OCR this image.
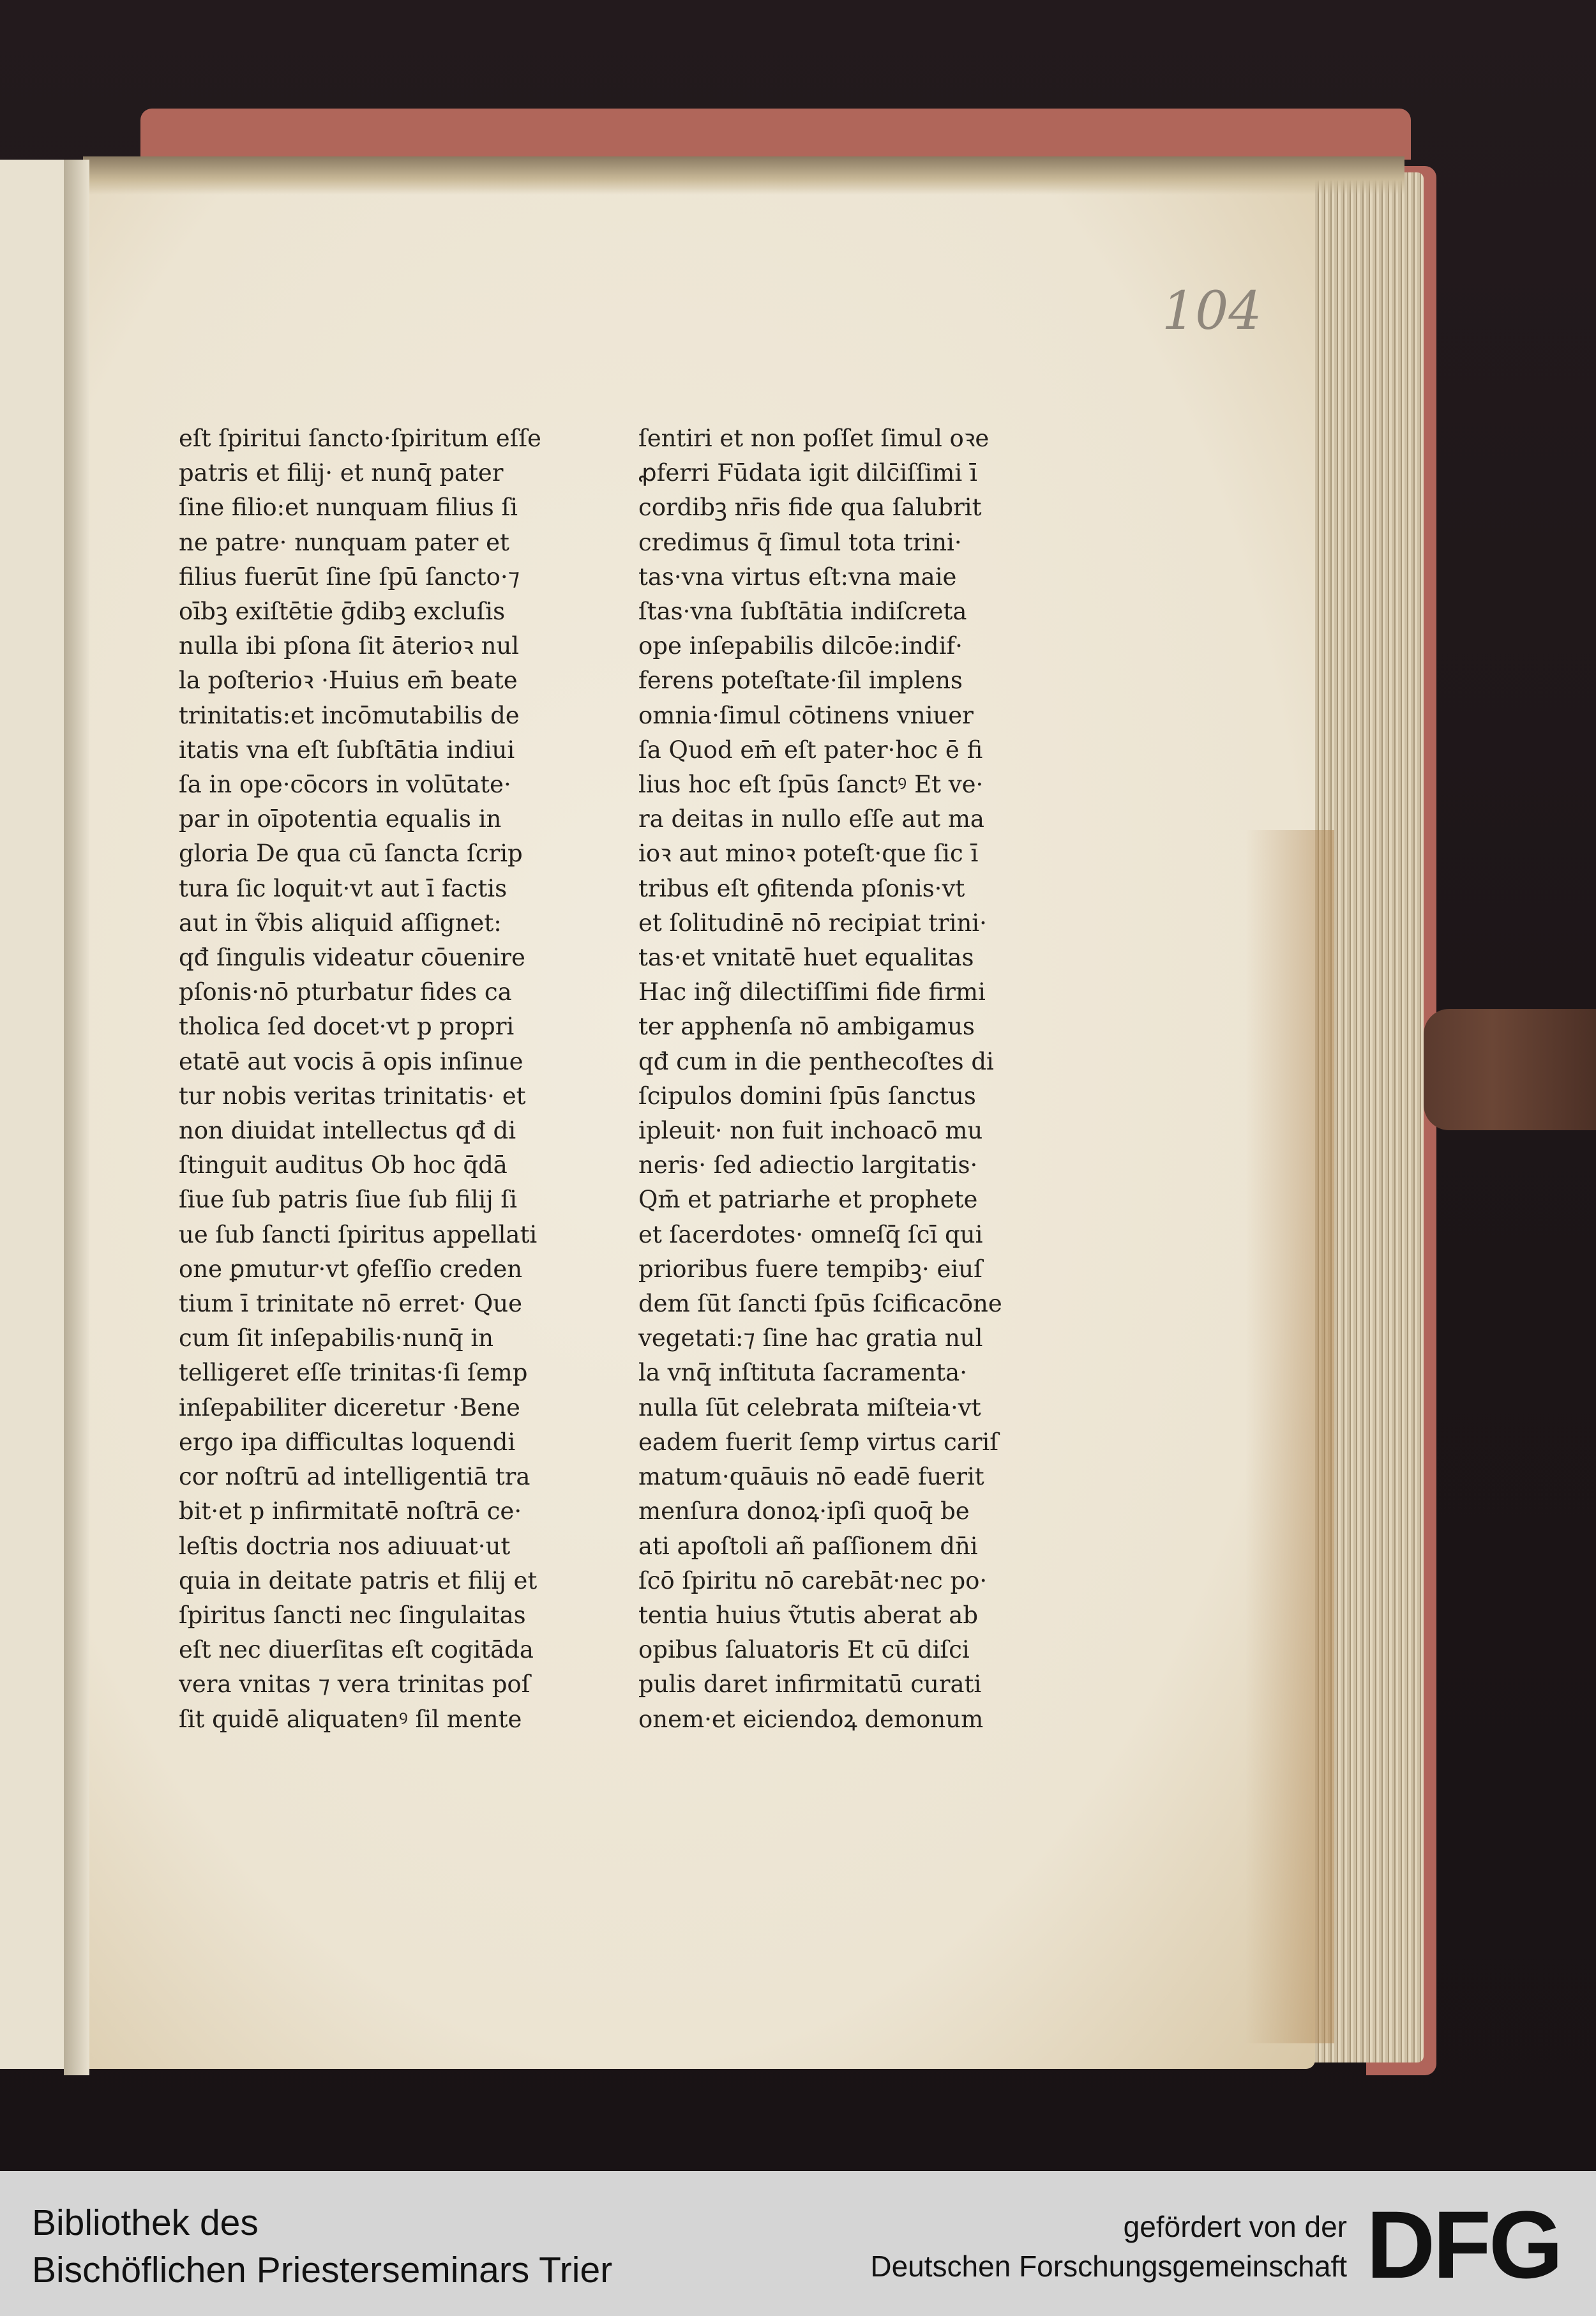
104
eſt ſpiritui ſancto·ſpiritum eſſe
patris et filij· et nunq̄ pater
ſine filio:et nunquam filius ſi
ne patre· nunquam pater et
filius fuerūt ſine ſpū ſancto·⁊
oībꝫ exiſtētie ḡdibꝫ excluſis
nulla ibi pſona ſit āterioꝛ nul
la poſterioꝛ ·Huius em̄ beate
trinitatis:et incōmutabilis de
itatis vna eſt ſubſtātia indiui
ſa in ope·cōcors in volūtate·
par in oīpotentia equalis in
gloria De qua cū ſancta ſcrip
tura ſic loquit·vt aut ī factis
aut in ṽbis aliquid aſſignet:
qđ ſingulis videatur cōuenire
pſonis·nō pturbatur fides ca
tholica ſed docet·vt p propri
etatē aut vocis ā opis inſinue
tur nobis veritas trinitatis· et
non diuidat intellectus qđ di
ſtinguit auditus Ob hoc q̄dā
ſiue ſub patris ſiue ſub filij ſi
ue ſub ſancti ſpiritus appellati
one ꝑmutur·vt ꝯfeſſio creden
tium ī trinitate nō erret· Que
cum ſit inſepabilis·nunq̄ in
telligeret eſſe trinitas·ſi ſemp
inſepabiliter diceretur ·Bene
ergo ipa difficultas loquendi
cor noſtrū ad intelligentiā tra
bit·et p infirmitatē noſtrā ce·
leſtis doctria nos adiuuat·ut
quia in deitate patris et filij et
ſpiritus ſancti nec ſingulaitas
eſt nec diuerſitas eſt cogitāda
vera vnitas ⁊ vera trinitas poſ
ſit quidē aliquatenꝰ ſil mente
ſentiri et non poſſet ſimul oꝛe
ꝓferri Fūdata igit dilc̄iſſimi ī
cordibꝫ nr̄is fide qua ſalubrit
credimus q̄ ſimul tota trini·
tas·vna virtus eſt:vna maie
ſtas·vna ſubſtātia indiſcreta
ope inſepabilis dilcōe:indif·
ferens poteſtate·ſil implens
omnia·ſimul cōtinens vniuer
ſa Quod em̄ eſt pater·hoc ē fi
lius hoc eſt ſpūs ſanctꝰ Et ve·
ra deitas in nullo eſſe aut ma
ioꝛ aut minoꝛ poteſt·que ſic ī
tribus eſt ꝯfitenda pſonis·vt
et ſolitudinē nō recipiat trini·
tas·et vnitatē huet equalitas
Hac ing̃ dilectiſſimi fide firmi
ter apphenſa nō ambigamus
qđ cum in die penthecoſtes di
ſcipulos domini ſpūs ſanctus
ipleuit· non fuit inchoacō mu
neris· ſed adiectio largitatis·
Qm̄ et patriarhe et prophete
et ſacerdotes· omneſq̄ ſcī qui
prioribus fuere tempibꝫ· eiuſ
dem ſūt ſancti ſpūs ſcificacōne
vegetati:⁊ ſine hac gratia nul
la vnq̄ inſtituta ſacramenta·
nulla ſūt celebrata miſteia·vt
eadem fuerit ſemp virtus cariſ
matum·quāuis nō eadē fuerit
menſura donoꝝ·ipſi quoq̄ be
ati apoſtoli añ paſſionem dn̄i
ſcō ſpiritu nō carebāt·nec po·
tentia huius ṽtutis aberat ab
opibus ſaluatoris Et cū diſci
pulis daret infirmitatū curati
onem·et eiciendoꝝ demonum
Bibliothek des
Bischöflichen Priesterseminars Trier
gefördert von der
Deutschen Forschungsgemeinschaft DFG
